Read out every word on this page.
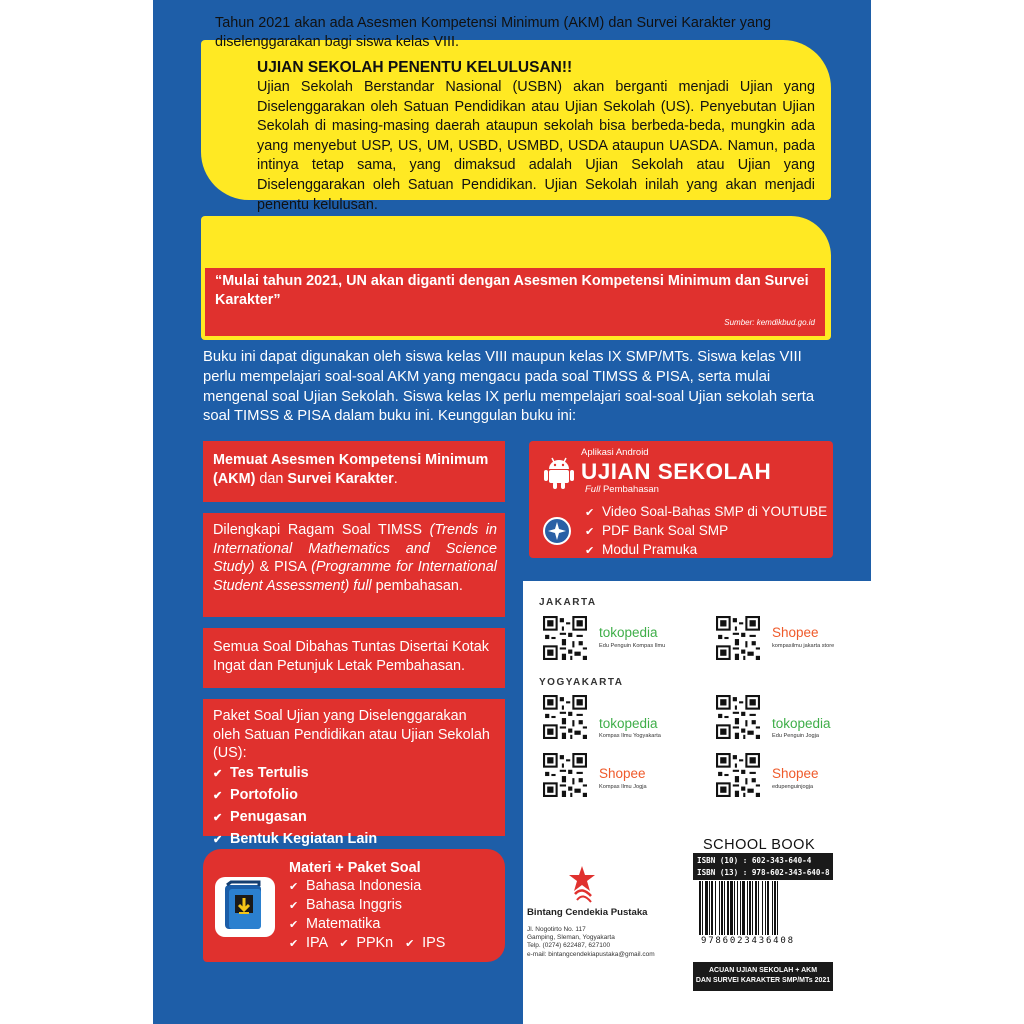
UJIAN SEKOLAH PENENTU KELULUSAN!!
Ujian Sekolah Berstandar Nasional (USBN) akan berganti menjadi Ujian yang Diselenggarakan oleh Satuan Pendidikan atau Ujian Sekolah (US). Penyebutan Ujian Sekolah di masing-masing daerah ataupun sekolah bisa berbeda-beda, mungkin ada yang menyebut USP, US, UM, USBD, USMBD, USDA ataupun UASDA. Namun, pada intinya tetap sama, yang dimaksud adalah Ujian Sekolah atau Ujian yang Diselenggarakan oleh Satuan Pendidikan. Ujian Sekolah inilah yang akan menjadi penentu kelulusan.
Tahun 2021 akan ada Asesmen Kompetensi Minimum (AKM) dan Survei Karakter yang diselenggarakan bagi siswa kelas VIII.
“Mulai tahun 2021, UN akan diganti dengan Asesmen Kompetensi Minimum dan Survei Karakter”
Sumber: kemdikbud.go.id
Buku ini dapat digunakan oleh siswa kelas VIII maupun kelas IX SMP/MTs. Siswa kelas VIII perlu mempelajari soal-soal AKM yang mengacu pada soal TIMSS & PISA, serta mulai mengenal soal Ujian Sekolah. Siswa kelas IX perlu mempelajari soal-soal Ujian sekolah serta soal TIMSS & PISA dalam buku ini. Keunggulan buku ini:
Memuat Asesmen Kompetensi Minimum (AKM) dan Survei Karakter.
Dilengkapi Ragam Soal TIMSS (Trends in International Mathematics and Science Study) & PISA (Programme for International Student Assessment) full pembahasan.
Semua Soal Dibahas Tuntas Disertai Kotak Ingat dan Petunjuk Letak Pembahasan.
Paket Soal Ujian yang Diselenggarakan oleh Satuan Pendidikan atau Ujian Sekolah (US):
✔ Tes Tertulis
✔ Portofolio
✔ Penugasan
✔ Bentuk Kegiatan Lain
Materi + Paket Soal
✔ Bahasa Indonesia
✔ Bahasa Inggris
✔ Matematika
✔ IPA ✔ PPKn ✔ IPS
Aplikasi Android
UJIAN SEKOLAH
Full Pembahasan
✔ Video Soal-Bahas SMP di YOUTUBE
✔ PDF Bank Soal SMP
✔ Modul Pramuka
JAKARTA
tokopedia
Edu Penguin Kompas Ilmu
Shopee
kompasilmu jakarta store
YOGYAKARTA
tokopedia
Kompas Ilmu Yogyakarta
tokopedia
Edu Penguin Jogja
Shopee
Kompas Ilmu Jogja
Shopee
edupenguinjogja
Bintang Cendekia Pustaka
Jl. Nogotirto No. 117
Gamping, Sleman, Yogyakarta
Telp. (0274) 622487, 627100
e-mail: bintangcendekiapustaka@gmail.com
SCHOOL BOOK
ISBN (10) : 602-343-640-4
ISBN (13) : 978-602-343-640-8
9786023436408
ACUAN UJIAN SEKOLAH + AKM
DAN SURVEI KARAKTER SMP/MTs 2021
